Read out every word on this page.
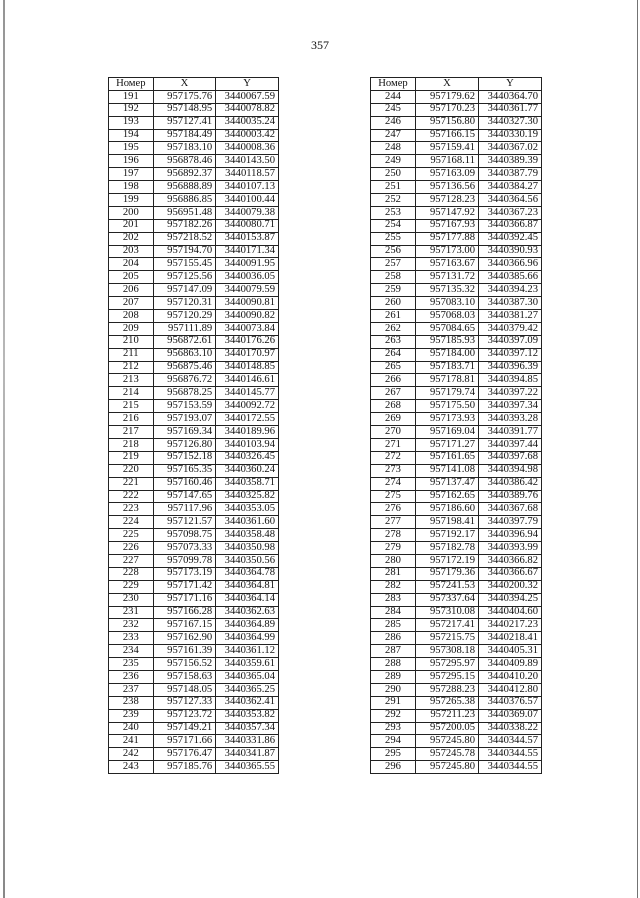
357
Номер	X	Y
191	957175.76	3440067.59
192	957148.95	3440078.82
193	957127.41	3440035.24
194	957184.49	3440003.42
195	957183.10	3440008.36
196	956878.46	3440143.50
197	956892.37	3440118.57
198	956888.89	3440107.13
199	956886.85	3440100.44
200	956951.48	3440079.38
201	957182.26	3440080.71
202	957218.52	3440153.87
203	957194.70	3440171.34
204	957155.45	3440091.95
205	957125.56	3440036.05
206	957147.09	3440079.59
207	957120.31	3440090.81
208	957120.29	3440090.82
209	957111.89	3440073.84
210	956872.61	3440176.26
211	956863.10	3440170.97
212	956875.46	3440148.85
213	956876.72	3440146.61
214	956878.25	3440145.77
215	957153.59	3440092.72
216	957193.07	3440172.55
217	957169.34	3440189.96
218	957126.80	3440103.94
219	957152.18	3440326.45
220	957165.35	3440360.24
221	957160.46	3440358.71
222	957147.65	3440325.82
223	957117.96	3440353.05
224	957121.57	3440361.60
225	957098.75	3440358.48
226	957073.33	3440350.98
227	957099.78	3440350.56
228	957173.19	3440364.78
229	957171.42	3440364.81
230	957171.16	3440364.14
231	957166.28	3440362.63
232	957167.15	3440364.89
233	957162.90	3440364.99
234	957161.39	3440361.12
235	957156.52	3440359.61
236	957158.63	3440365.04
237	957148.05	3440365.25
238	957127.33	3440362.41
239	957123.72	3440353.82
240	957149.21	3440357.34
241	957171.66	3440331.86
242	957176.47	3440341.87
243	957185.76	3440365.55
Номер	X	Y
244	957179.62	3440364.70
245	957170.23	3440361.77
246	957156.80	3440327.30
247	957166.15	3440330.19
248	957159.41	3440367.02
249	957168.11	3440389.39
250	957163.09	3440387.79
251	957136.56	3440384.27
252	957128.23	3440364.56
253	957147.92	3440367.23
254	957167.93	3440366.87
255	957177.88	3440392.45
256	957173.00	3440390.93
257	957163.67	3440366.96
258	957131.72	3440385.66
259	957135.32	3440394.23
260	957083.10	3440387.30
261	957068.03	3440381.27
262	957084.65	3440379.42
263	957185.93	3440397.09
264	957184.00	3440397.12
265	957183.71	3440396.39
266	957178.81	3440394.85
267	957179.74	3440397.22
268	957175.50	3440397.34
269	957173.93	3440393.28
270	957169.04	3440391.77
271	957171.27	3440397.44
272	957161.65	3440397.68
273	957141.08	3440394.98
274	957137.47	3440386.42
275	957162.65	3440389.76
276	957186.60	3440367.68
277	957198.41	3440397.79
278	957192.17	3440396.94
279	957182.78	3440393.99
280	957172.19	3440366.82
281	957179.36	3440366.67
282	957241.53	3440200.32
283	957337.64	3440394.25
284	957310.08	3440404.60
285	957217.41	3440217.23
286	957215.75	3440218.41
287	957308.18	3440405.31
288	957295.97	3440409.89
289	957295.15	3440410.20
290	957288.23	3440412.80
291	957265.38	3440376.57
292	957211.23	3440369.07
293	957200.05	3440338.22
294	957245.80	3440344.57
295	957245.78	3440344.55
296	957245.80	3440344.55
